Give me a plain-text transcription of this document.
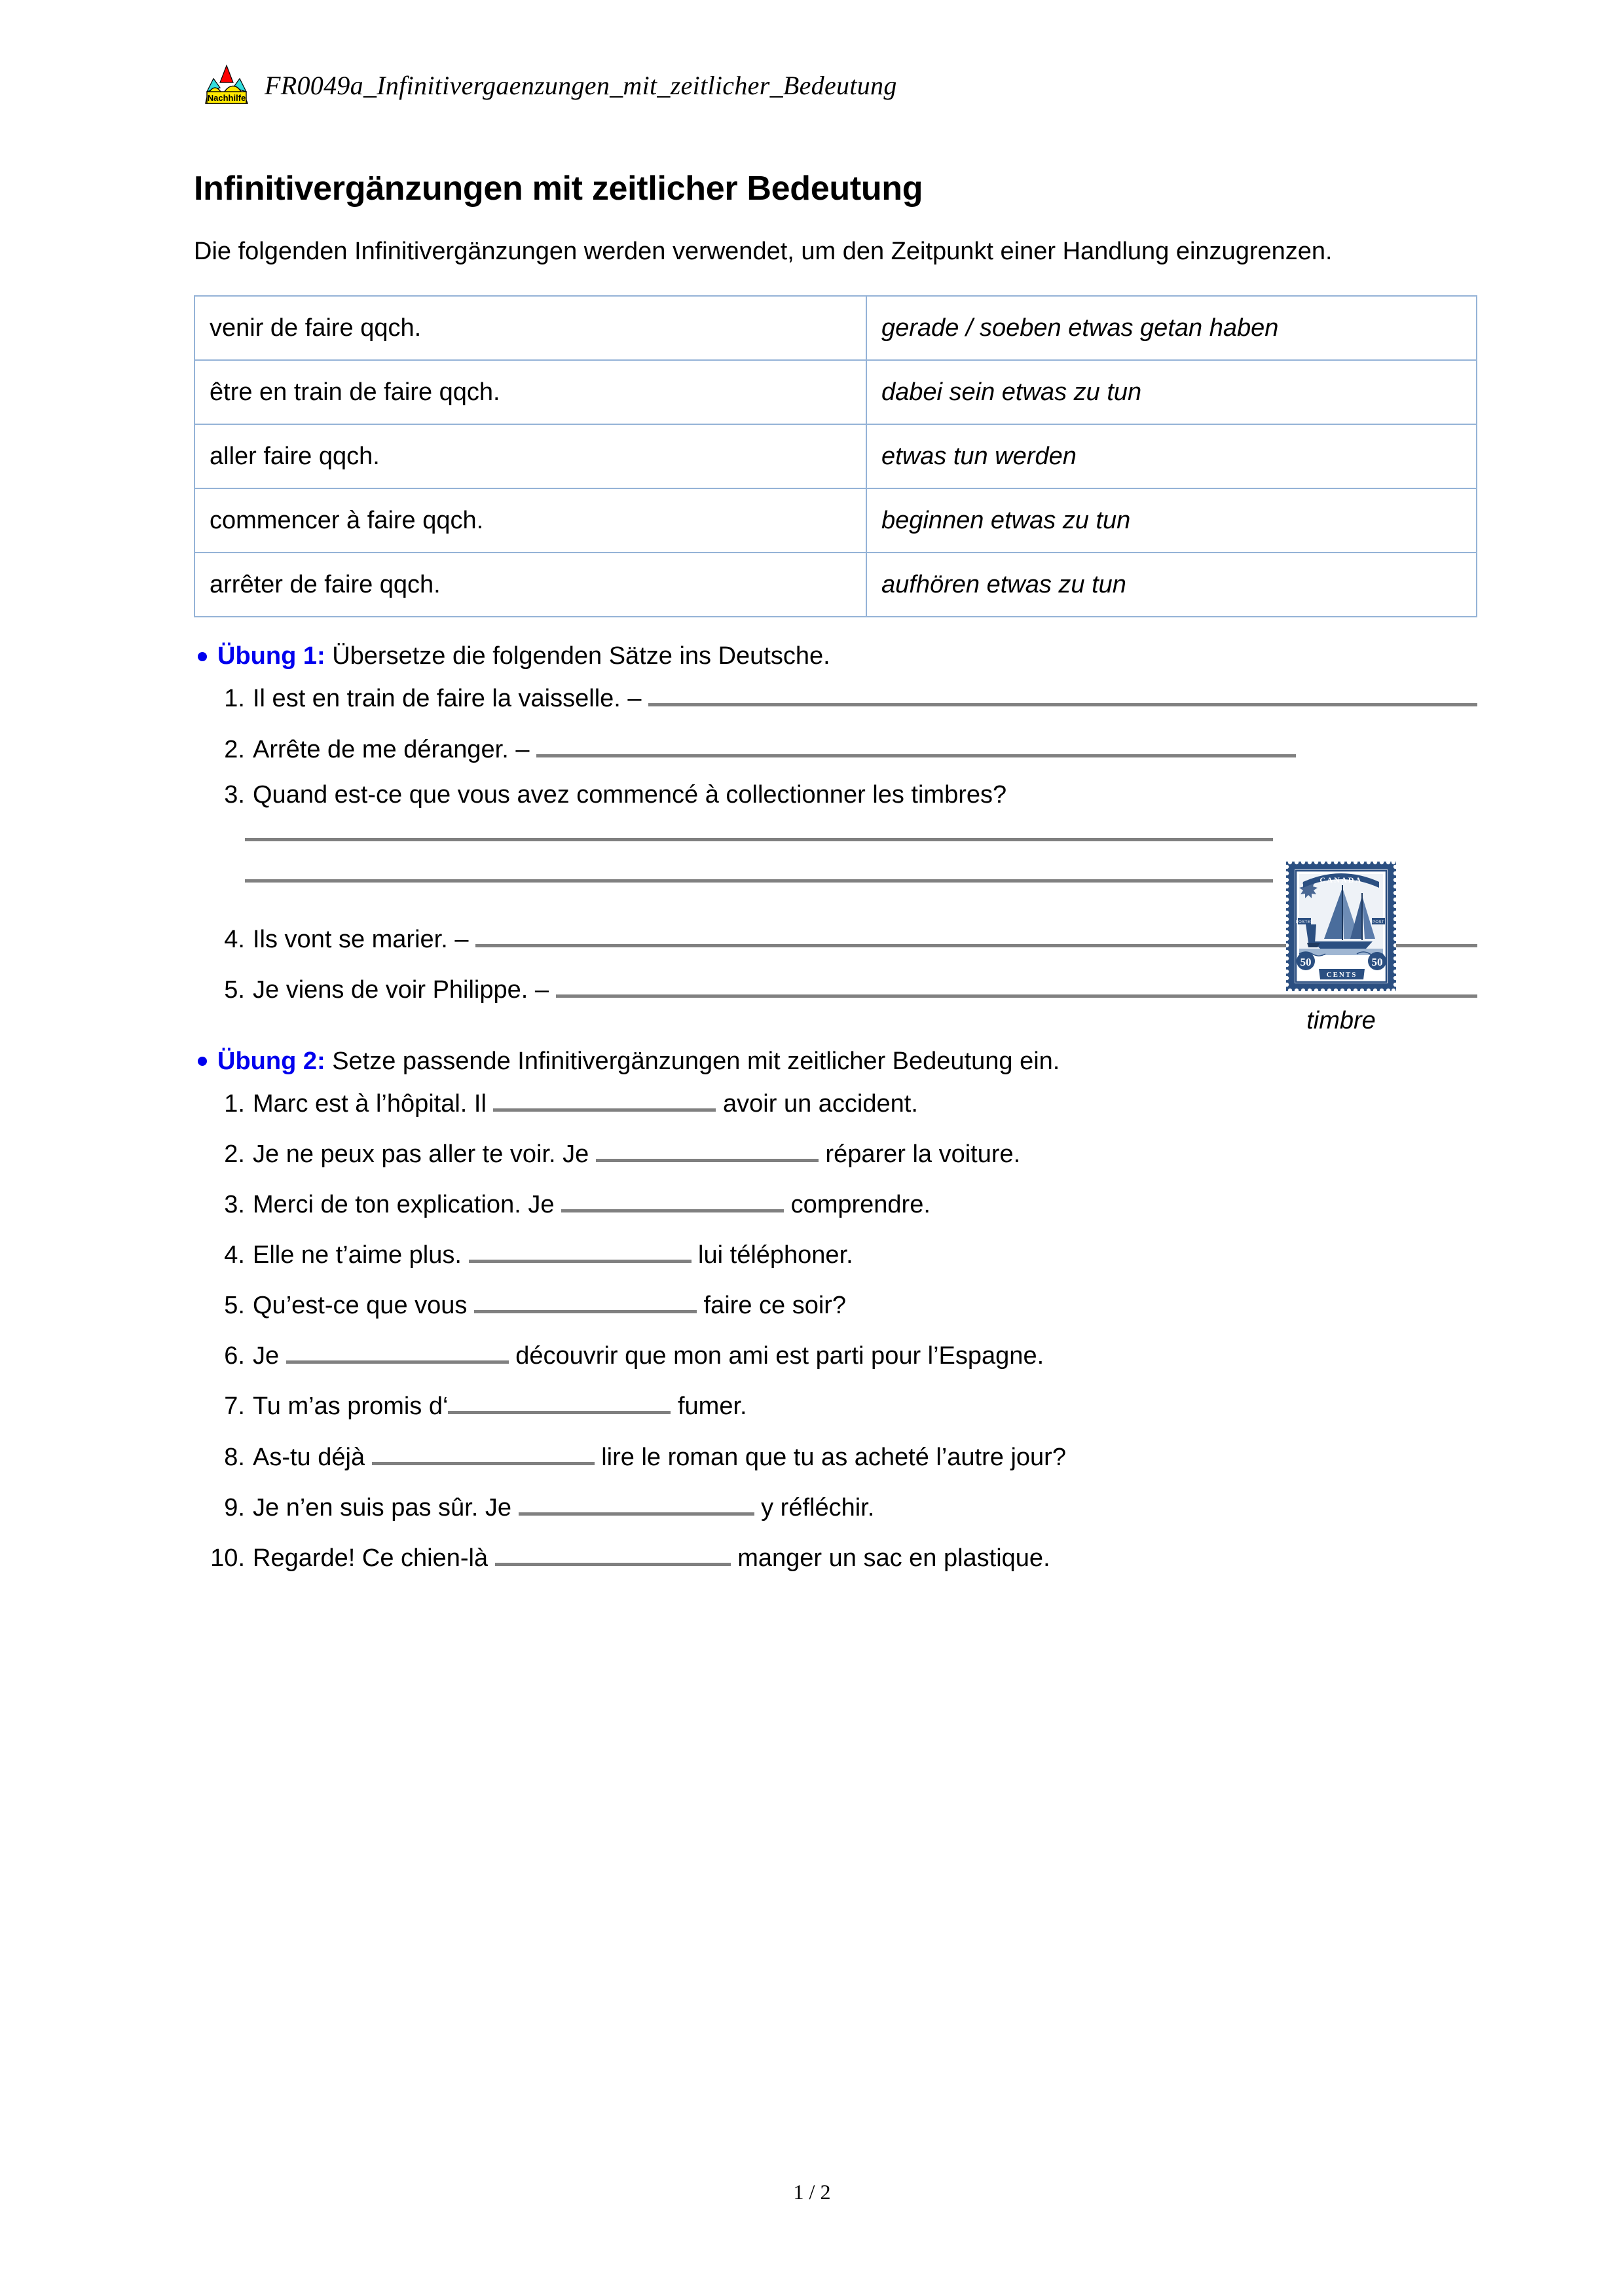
Nachhilfe FR0049a_Infinitivergaenzungen_mit_zeitlicher_Bedeutung
Infinitivergänzungen mit zeitlicher Bedeutung

Die folgenden Infinitivergänzungen werden verwendet, um den Zeitpunkt einer Handlung einzugrenzen.

venir de faire qqch.	gerade / soeben etwas getan haben
être en train de faire qqch.	dabei sein etwas zu tun
aller faire qqch.	etwas tun werden
commencer à faire qqch.	beginnen etwas zu tun
arrêter de faire qqch.	aufhören etwas zu tun
Übung 1: Übersetze die folgenden Sätze ins Deutsche.
1. Il est en train de faire la vaisselle. –

2. Arrête de me déranger. –

3. Quand est-ce que vous avez commencé à collectionner les timbres?
4. Ils vont se marier. –

5. Je viens de voir Philippe. –

Übung 2: Setze passende Infinitivergänzungen mit zeitlicher Bedeutung ein.
1. Marc est à l’hôpital. Il	avoir un accident.
2. Je ne peux pas aller te voir. Je	réparer la voiture.
3. Merci de ton explication. Je	comprendre.
4. Elle ne t’aime plus.	lui téléphoner.
5. Qu’est-ce que vous	faire ce soir?
6. Je	découvrir que mon ami est parti pour l’Espagne.
7. Tu m’as promis d‘	fumer.
8. As-tu déjà	lire le roman que tu as acheté l’autre jour?
9. Je n’en suis pas sûr. Je	y réfléchir.
10. Regarde! Ce chien-là	manger un sac en plastique.
CANADA
POSTES	POST
50	50
CENTS
timbre
1 / 2
